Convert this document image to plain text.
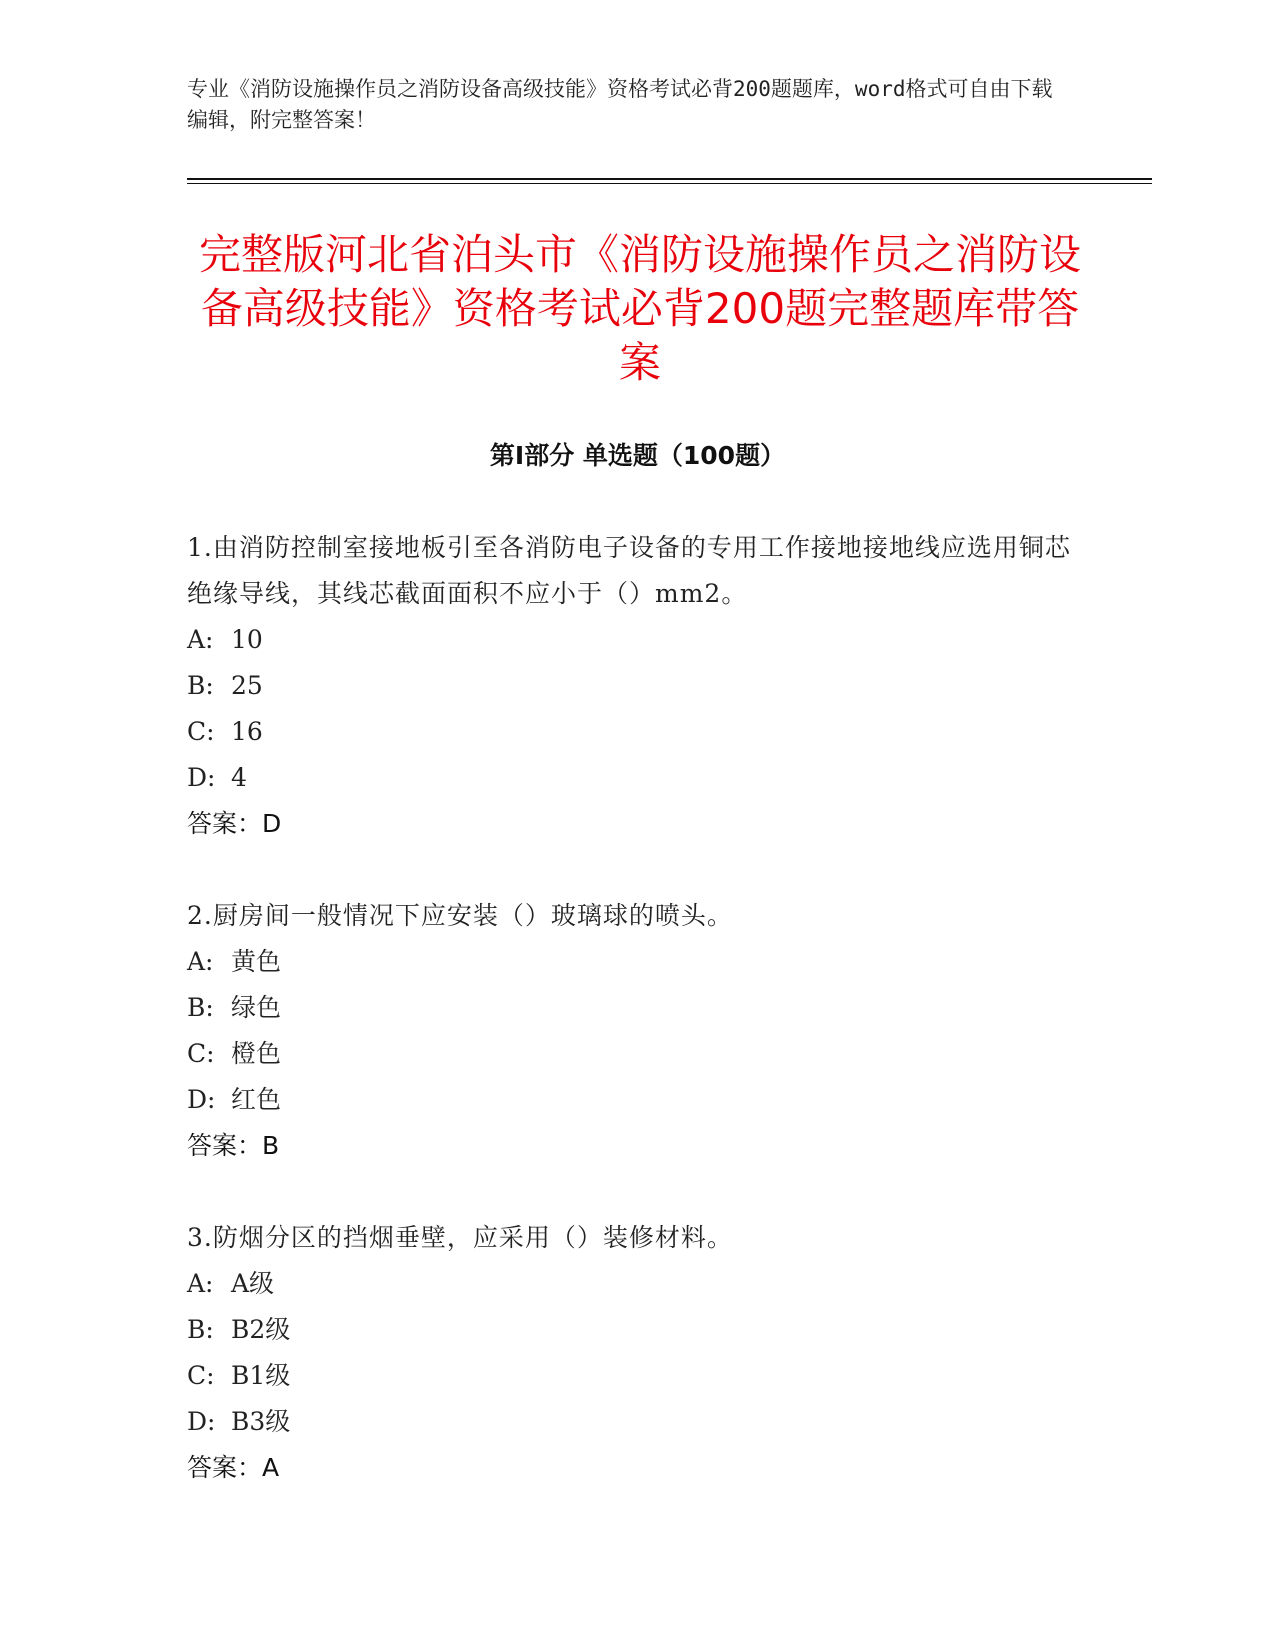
专业《消防设施操作员之消防设备高级技能》资格考试必背200题题库，word格式可自由下载编辑，附完整答案！
完整版河北省泊头市《消防设施操作员之消防设备高级技能》资格考试必背200题完整题库带答案
第I部分 单选题（100题）
1.由消防控制室接地板引至各消防电子设备的专用工作接地接地线应选用铜芯绝缘导线，其线芯截面面积不应小于（）mm2。
A: 10
B: 25
C: 16
D: 4
答案：D
2.厨房间一般情况下应安装（）玻璃球的喷头。
A: 黄色
B: 绿色
C: 橙色
D: 红色
答案：B
3.防烟分区的挡烟垂壁，应采用（）装修材料。
A: A级
B: B2级
C: B1级
D: B3级
答案：A
